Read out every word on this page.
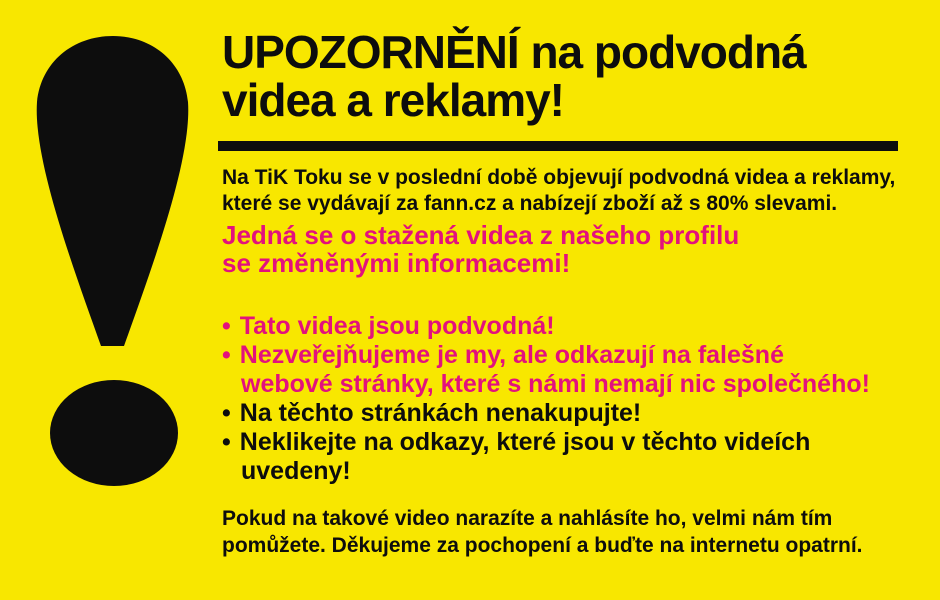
UPOZORNĚNÍ na podvodná
videa a reklamy!

Na TiK Toku se v poslední době objevují podvodná videa a reklamy,
které se vydávají za fann.cz a nabízejí zboží až s 80% slevami.

Jedná se o stažená videa z našeho profilu
se změněnými informacemi!

• Tato videa jsou podvodná!
• Nezveřejňujeme je my, ale odkazují na falešné
webové stránky, které s námi nemají nic společného!
• Na těchto stránkách nenakupujte!
• Neklikejte na odkazy, které jsou v těchto videích
uvedeny!

Pokud na takové video narazíte a nahlásíte ho, velmi nám tím
pomůžete. Děkujeme za pochopení a buďte na internetu opatrní.
